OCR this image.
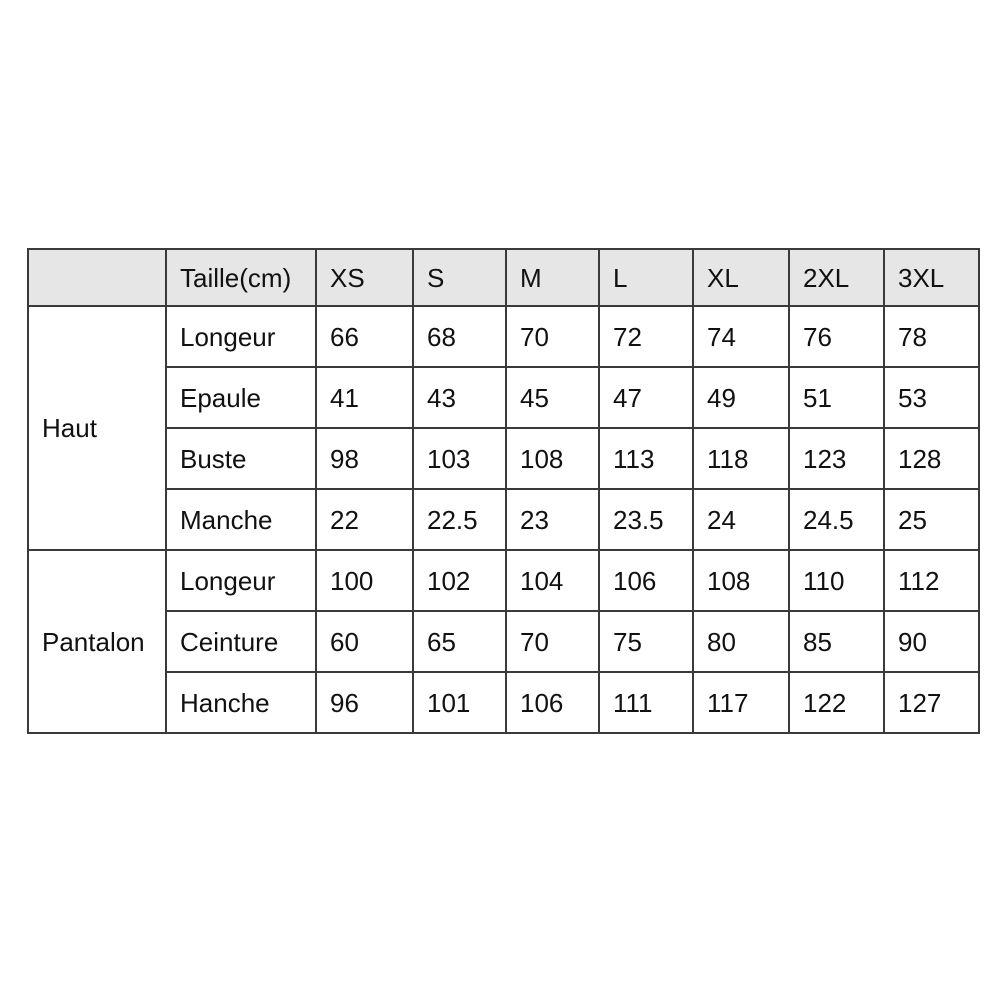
	Taille(cm)	XS	S	M	L	XL	2XL	3XL
Haut	Longeur	66	68	70	72	74	76	78
	Epaule	41	43	45	47	49	51	53
	Buste	98	103	108	113	118	123	128
	Manche	22	22.5	23	23.5	24	24.5	25
Pantalon	Longeur	100	102	104	106	108	110	112
	Ceinture	60	65	70	75	80	85	90
	Hanche	96	101	106	111	117	122	127
